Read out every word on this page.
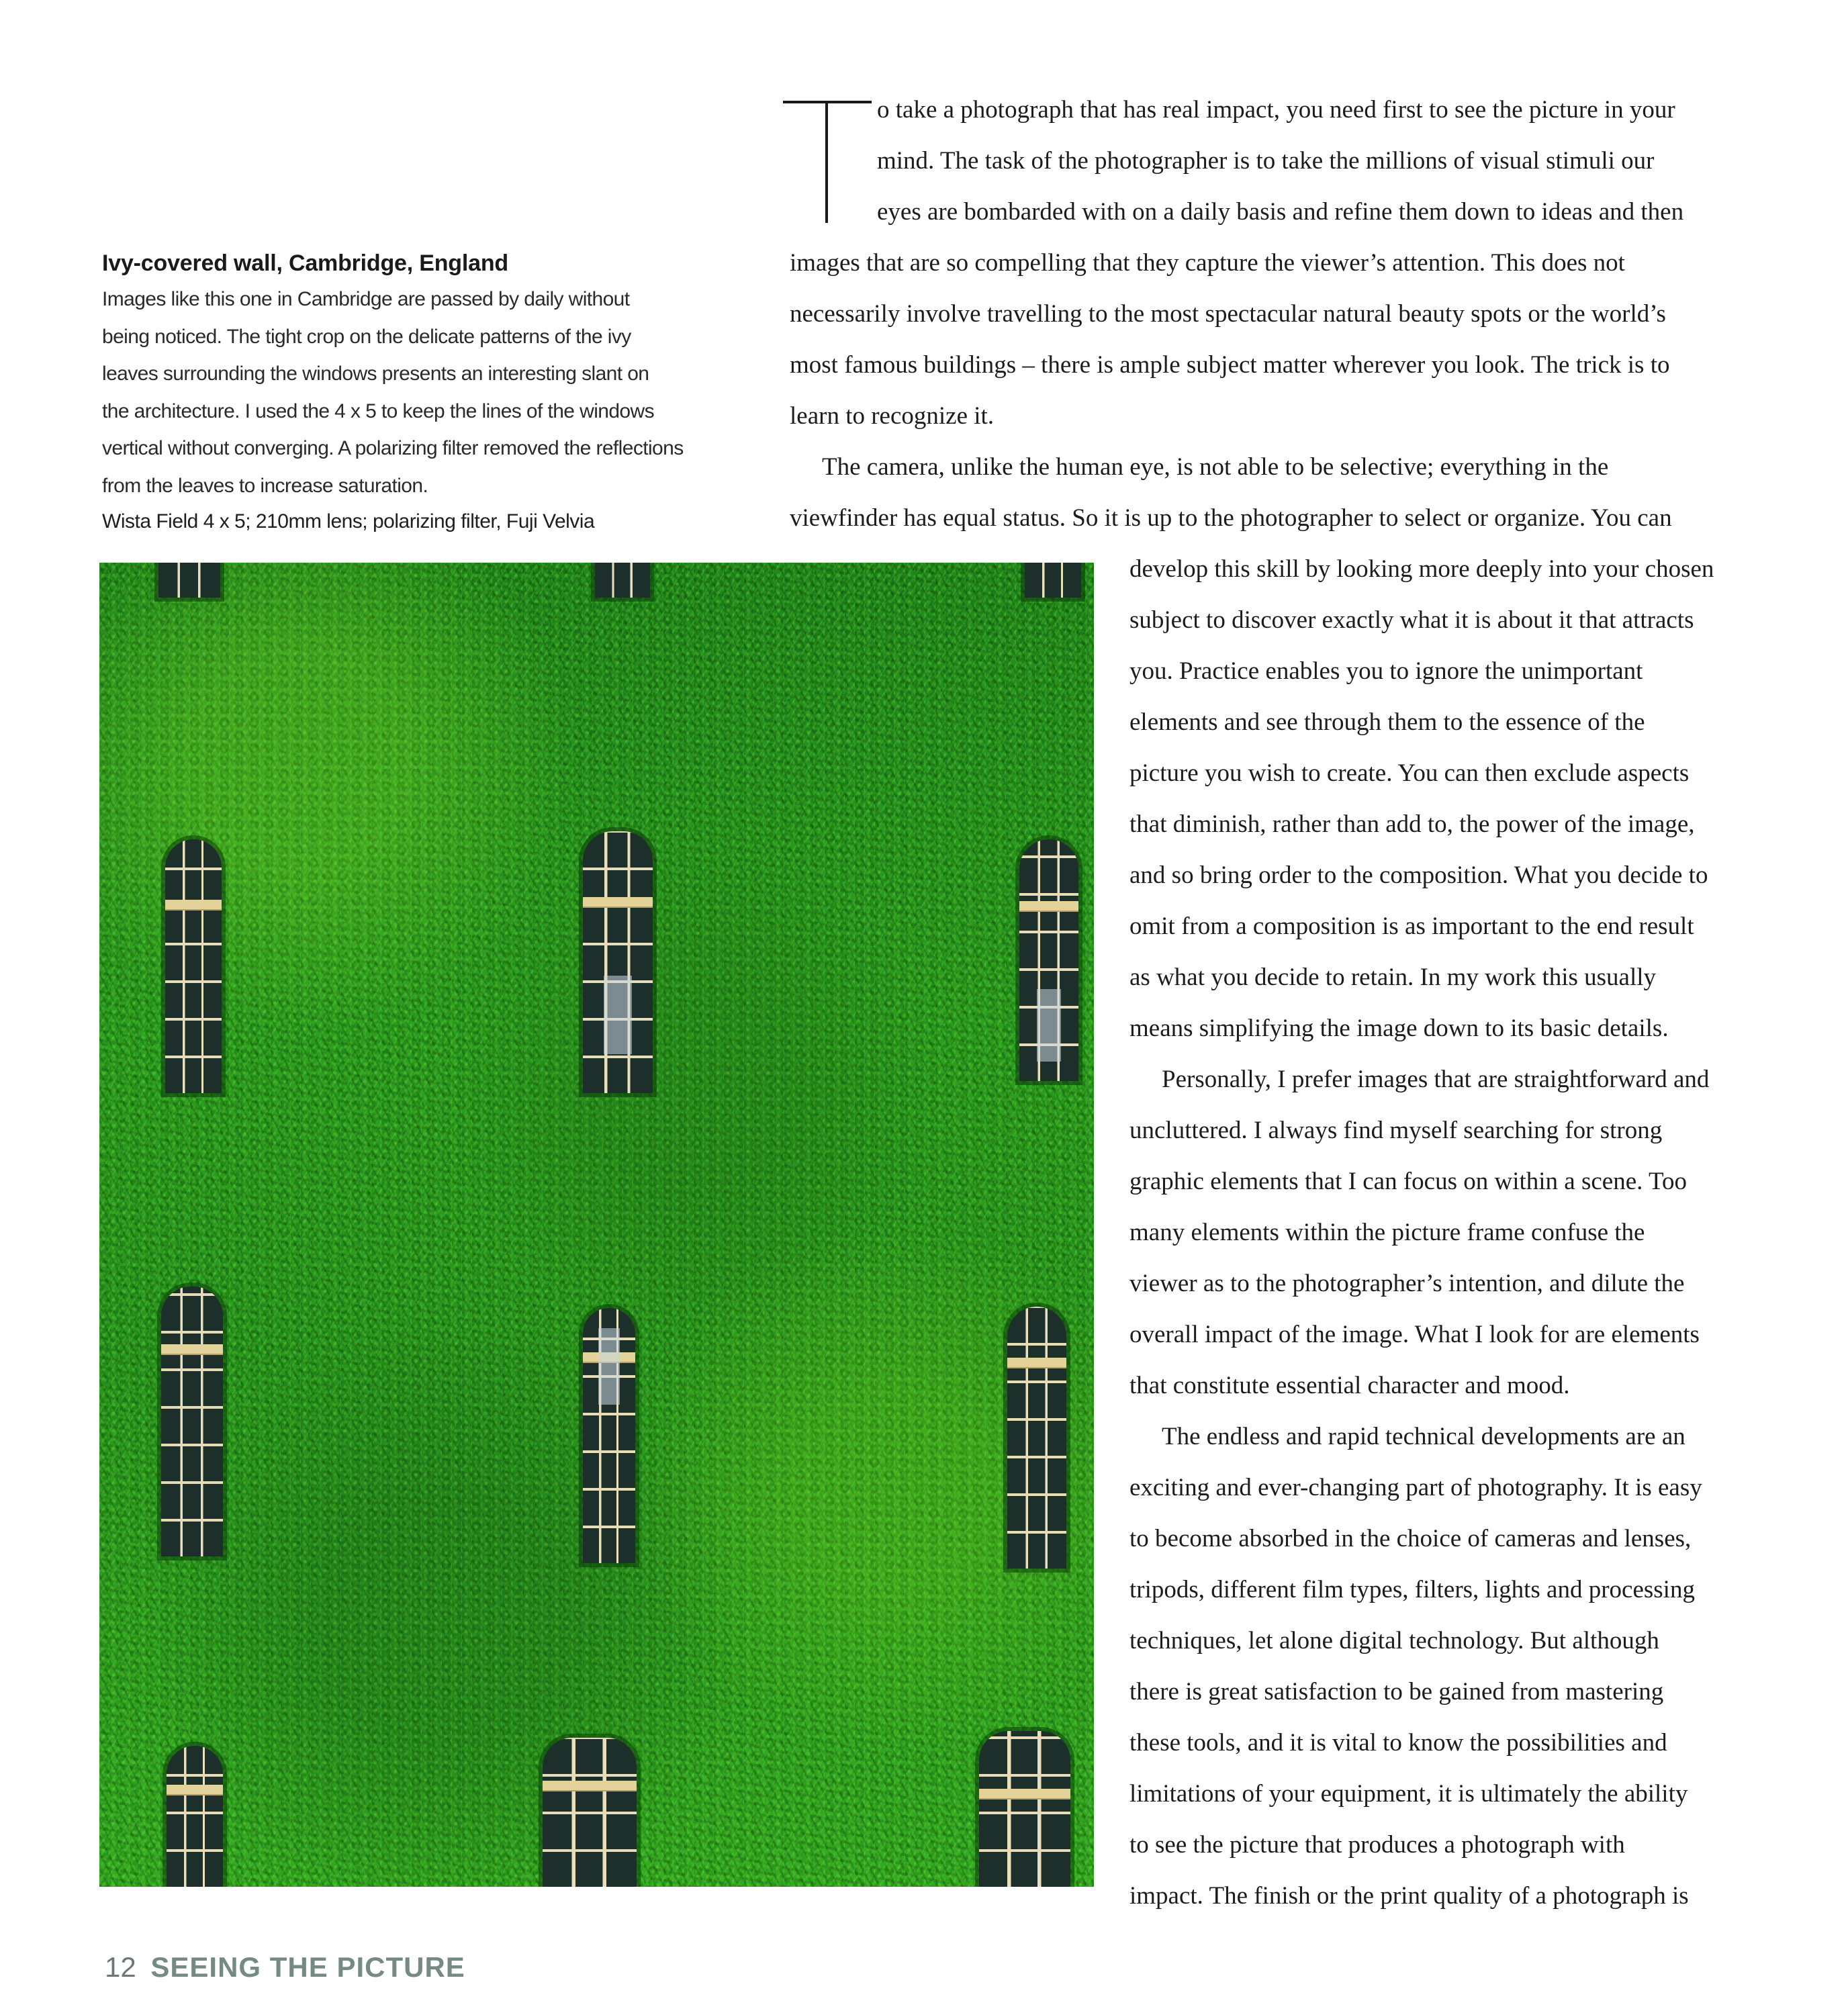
Ivy-covered wall, Cambridge, England
Images like this one in Cambridge are passed by daily without
being noticed. The tight crop on the delicate patterns of the ivy
leaves surrounding the windows presents an interesting slant on
the architecture. I used the 4 x 5 to keep the lines of the windows
vertical without converging. A polarizing filter removed the reflections
from the leaves to increase saturation.
Wista Field 4 x 5; 210mm lens; polarizing filter, Fuji Velvia
o take a photograph that has real impact, you need first to see the picture in your
mind. The task of the photographer is to take the millions of visual stimuli our
eyes are bombarded with on a daily basis and refine them down to ideas and then
images that are so compelling that they capture the viewer’s attention. This does not
necessarily involve travelling to the most spectacular natural beauty spots or the world’s
most famous buildings – there is ample subject matter wherever you look. The trick is to
learn to recognize it.
The camera, unlike the human eye, is not able to be selective; everything in the
viewfinder has equal status. So it is up to the photographer to select or organize. You can
develop this skill by looking more deeply into your chosen
subject to discover exactly what it is about it that attracts
you. Practice enables you to ignore the unimportant
elements and see through them to the essence of the
picture you wish to create. You can then exclude aspects
that diminish, rather than add to, the power of the image,
and so bring order to the composition. What you decide to
omit from a composition is as important to the end result
as what you decide to retain. In my work this usually
means simplifying the image down to its basic details.
Personally, I prefer images that are straightforward and
uncluttered. I always find myself searching for strong
graphic elements that I can focus on within a scene. Too
many elements within the picture frame confuse the
viewer as to the photographer’s intention, and dilute the
overall impact of the image. What I look for are elements
that constitute essential character and mood.
The endless and rapid technical developments are an
exciting and ever-changing part of photography. It is easy
to become absorbed in the choice of cameras and lenses,
tripods, different film types, filters, lights and processing
techniques, let alone digital technology. But although
there is great satisfaction to be gained from mastering
these tools, and it is vital to know the possibilities and
limitations of your equipment, it is ultimately the ability
to see the picture that produces a photograph with
impact. The finish or the print quality of a photograph is
12 SEEING THE PICTURE
